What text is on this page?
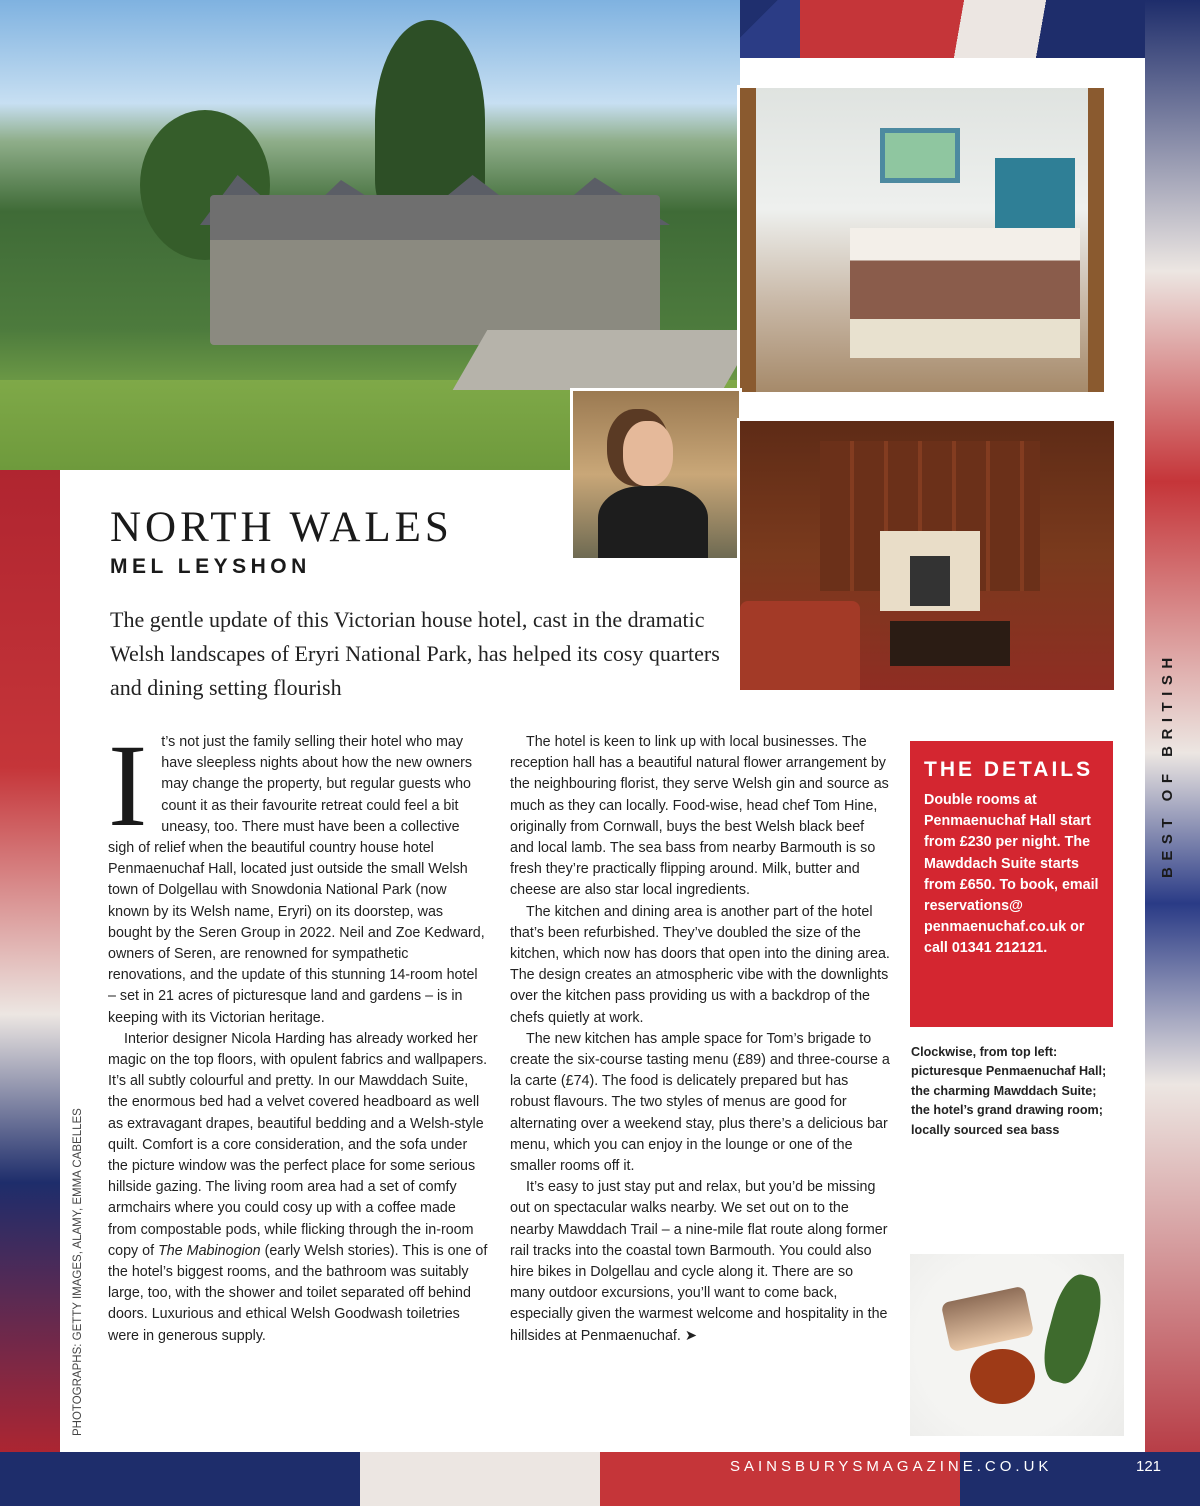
NORTH WALES
MEL LEYSHON
The gentle update of this Victorian house hotel, cast in the dramatic Welsh landscapes of Eryri National Park, has helped its cosy quarters and dining setting flourish
I t’s not just the family selling their hotel who may have sleepless nights about how the new owners may change the property, but regular guests who count it as their favourite retreat could feel a bit uneasy, too. There must have been a collective sigh of relief when the beautiful country house hotel Penmaenuchaf Hall, located just outside the small Welsh town of Dolgellau with Snowdonia National Park (now known by its Welsh name, Eryri) on its doorstep, was bought by the Seren Group in 2022. Neil and Zoe Kedward, owners of Seren, are renowned for sympathetic renovations, and the update of this stunning 14-room hotel – set in 21 acres of picturesque land and gardens – is in keeping with its Victorian heritage.

Interior designer Nicola Harding has already worked her magic on the top floors, with opulent fabrics and wallpapers. It’s all subtly colourful and pretty. In our Mawddach Suite, the enormous bed had a velvet covered headboard as well as extravagant drapes, beautiful bedding and a Welsh-style quilt. Comfort is a core consideration, and the sofa under the picture window was the perfect place for some serious hillside gazing. The living room area had a set of comfy armchairs where you could cosy up with a coffee made from compostable pods, while flicking through the in-room copy of The Mabinogion (early Welsh stories). This is one of the hotel’s biggest rooms, and the bathroom was suitably large, too, with the shower and toilet separated off behind doors. Luxurious and ethical Welsh Goodwash toiletries were in generous supply.

The hotel is keen to link up with local businesses. The reception hall has a beautiful natural flower arrangement by the neighbouring florist, they serve Welsh gin and source as much as they can locally. Food-wise, head chef Tom Hine, originally from Cornwall, buys the best Welsh black beef and local lamb. The sea bass from nearby Barmouth is so fresh they’re practically flipping around. Milk, butter and cheese are also star local ingredients.

The kitchen and dining area is another part of the hotel that’s been refurbished. They’ve doubled the size of the kitchen, which now has doors that open into the dining area. The design creates an atmospheric vibe with the downlights over the kitchen pass providing us with a backdrop of the chefs quietly at work.

The new kitchen has ample space for Tom’s brigade to create the six-course tasting menu (£89) and three-course a la carte (£74). The food is delicately prepared but has robust flavours. The two styles of menus are good for alternating over a weekend stay, plus there’s a delicious bar menu, which you can enjoy in the lounge or one of the smaller rooms off it.

It’s easy to just stay put and relax, but you’d be missing out on spectacular walks nearby. We set out on to the nearby Mawddach Trail – a nine-mile flat route along former rail tracks into the coastal town Barmouth. You could also hire bikes in Dolgellau and cycle along it. There are so many outdoor excursions, you’ll want to come back, especially given the warmest welcome and hospitality in the hillsides at Penmaenuchaf. ➤

THE DETAILS
Double rooms at Penmaenuchaf Hall start from £230 per night. The Mawddach Suite starts from £650. To book, email reservations@ penmaenuchaf.co.uk or call 01341 212121.
Clockwise, from top left: picturesque Penmaenuchaf Hall; the charming Mawddach Suite; the hotel’s grand drawing room; locally sourced sea bass
BEST OF BRITISH
PHOTOGRAPHS: GETTY IMAGES, ALAMY, EMMA CABELLES
SAINSBURYSMAGAZINE.CO.UK	121
